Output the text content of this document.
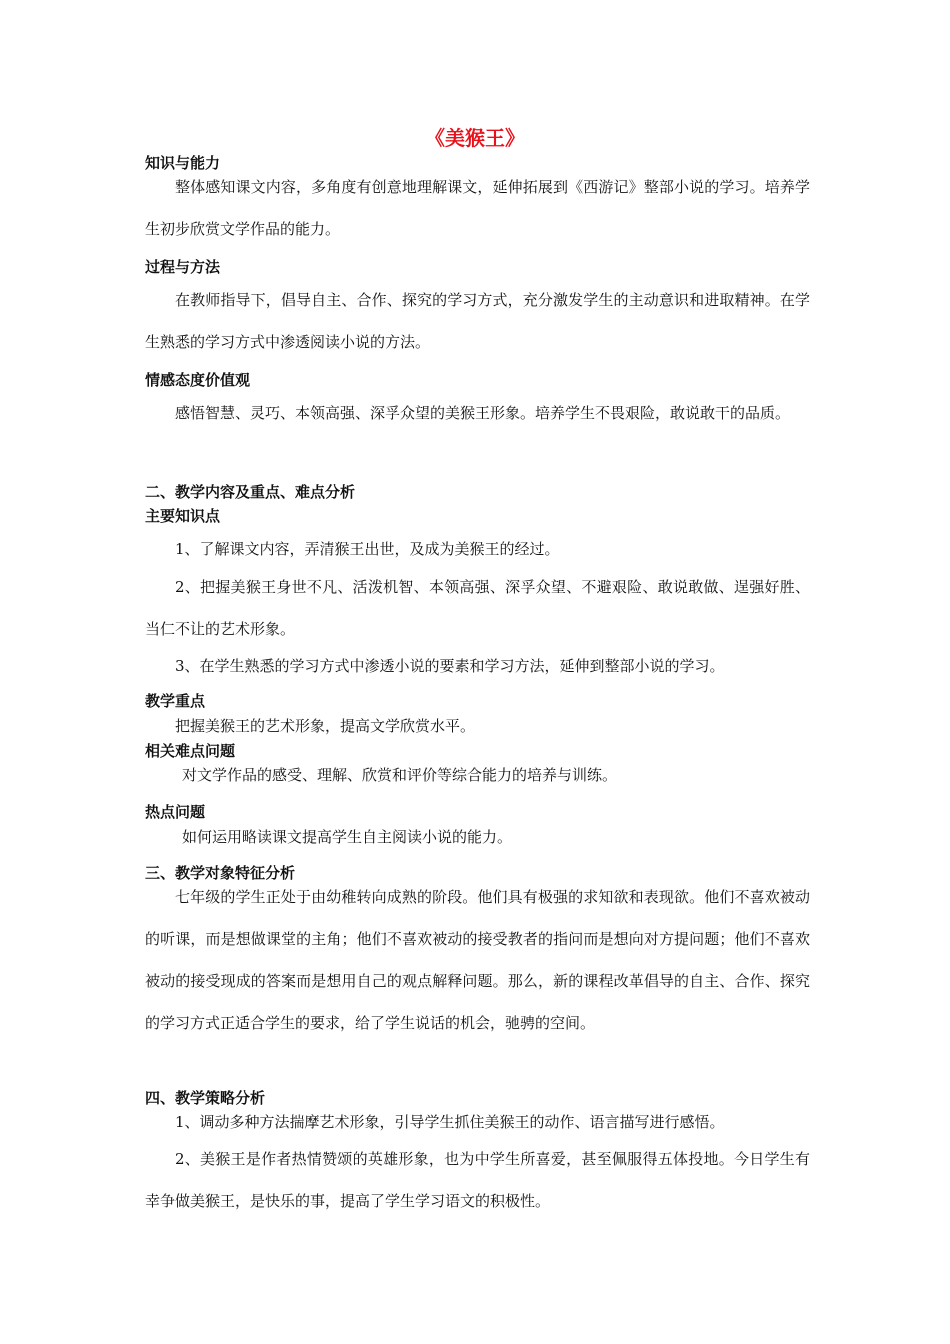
《美猴王》
知识与能力
整体感知课文内容，多角度有创意地理解课文，延伸拓展到《西游记》整部小说的学习。培养学生初步欣赏文学作品的能力。
过程与方法
在教师指导下，倡导自主、合作、探究的学习方式，充分激发学生的主动意识和进取精神。在学生熟悉的学习方式中渗透阅读小说的方法。
情感态度价值观
感悟智慧、灵巧、本领高强、深孚众望的美猴王形象。培养学生不畏艰险，敢说敢干的品质。
二、教学内容及重点、难点分析
主要知识点
1、了解课文内容，弄清猴王出世，及成为美猴王的经过。
2、把握美猴王身世不凡、活泼机智、本领高强、深孚众望、不避艰险、敢说敢做、逞强好胜、当仁不让的艺术形象。
3、在学生熟悉的学习方式中渗透小说的要素和学习方法，延伸到整部小说的学习。
教学重点
把握美猴王的艺术形象，提高文学欣赏水平。
相关难点问题
对文学作品的感受、理解、欣赏和评价等综合能力的培养与训练。
热点问题
如何运用略读课文提高学生自主阅读小说的能力。
三、教学对象特征分析
七年级的学生正处于由幼稚转向成熟的阶段。他们具有极强的求知欲和表现欲。他们不喜欢被动的听课，而是想做课堂的主角；他们不喜欢被动的接受教者的指问而是想向对方提问题；他们不喜欢被动的接受现成的答案而是想用自己的观点解释问题。那么，新的课程改革倡导的自主、合作、探究的学习方式正适合学生的要求，给了学生说话的机会，驰骋的空间。
四、教学策略分析
1、调动多种方法揣摩艺术形象，引导学生抓住美猴王的动作、语言描写进行感悟。
2、美猴王是作者热情赞颂的英雄形象，也为中学生所喜爱，甚至佩服得五体投地。今日学生有幸争做美猴王，是快乐的事，提高了学生学习语文的积极性。
